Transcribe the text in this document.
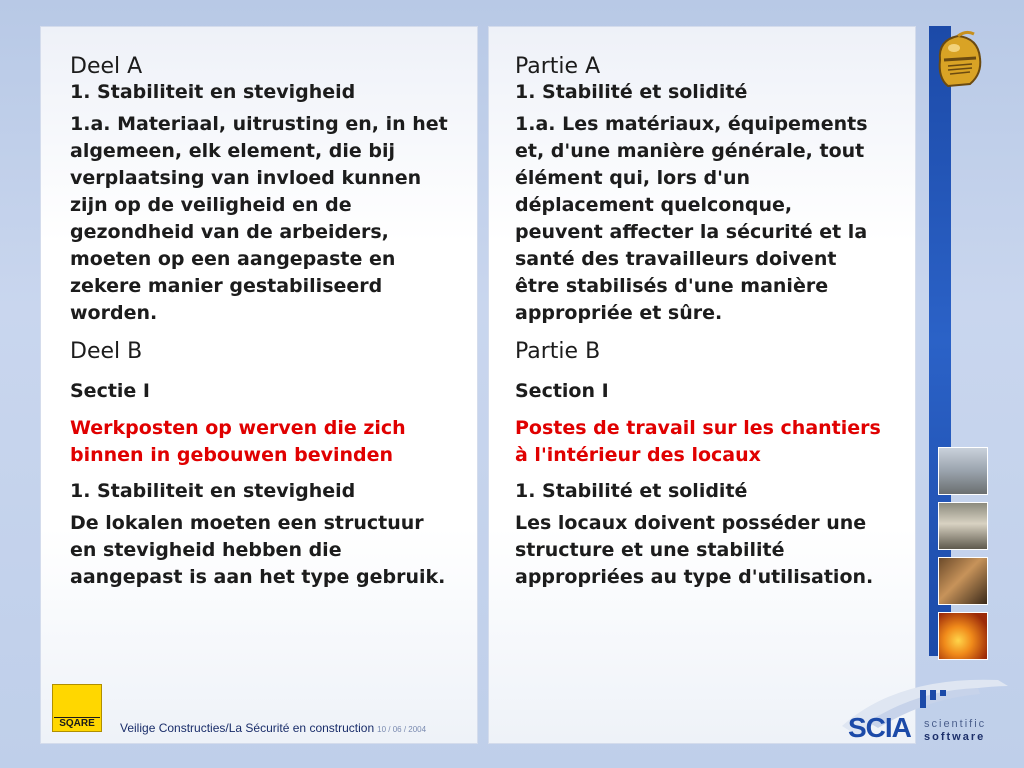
Deel A
1. Stabiliteit en stevigheid
1.a. Materiaal, uitrusting en, in het algemeen, elk element, die bij verplaatsing van invloed kunnen zijn op de veiligheid en de gezondheid van de arbeiders, moeten op een aangepaste en zekere manier gestabiliseerd worden.
Deel B
Sectie I
Werkposten op werven die zich binnen in gebouwen bevinden
1. Stabiliteit en stevigheid
De lokalen moeten een structuur en stevigheid hebben die aangepast is aan het type gebruik.
Partie A
1. Stabilité et solidité
1.a. Les matériaux, équipements et, d'une manière générale, tout élément qui, lors d'un déplacement quelconque, peuvent affecter la sécurité et la santé des travailleurs doivent être stabilisés d'une manière appropriée et sûre.
Partie B
Section I
Postes de travail sur les chantiers à l'intérieur des locaux
1. Stabilité et solidité
Les locaux doivent posséder une structure et une stabilité appropriées au type d'utilisation.
SQARE	Veilige Constructies/La Sécurité en construction 10 / 06 / 2004	SCIA scientific
software
